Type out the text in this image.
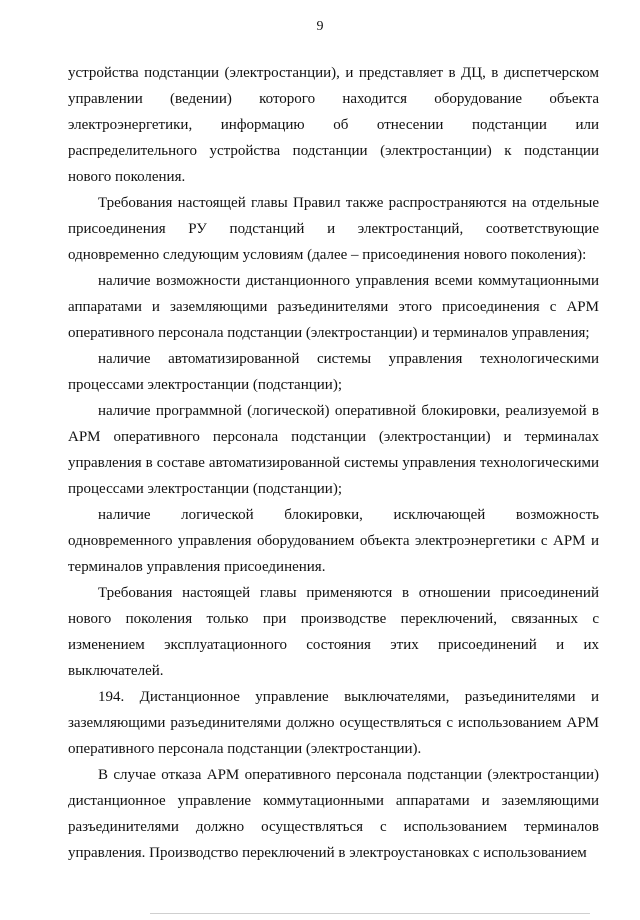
9

устройства подстанции (электростанции), и представляет в ДЦ, в диспетчерском управлении (ведении) которого находится оборудование объекта электроэнергетики, информацию об отнесении подстанции или распределительного устройства подстанции (электростанции) к подстанции нового поколения.

Требования настоящей главы Правил также распространяются на отдельные присоединения РУ подстанций и электростанций, соответствующие одновременно следующим условиям (далее – присоединения нового поколения):

наличие возможности дистанционного управления всеми коммутационными аппаратами и заземляющими разъединителями этого присоединения с АРМ оперативного персонала подстанции (электростанции) и терминалов управления;

наличие автоматизированной системы управления технологическими процессами электростанции (подстанции);

наличие программной (логической) оперативной блокировки, реализуемой в АРМ оперативного персонала подстанции (электростанции) и терминалах управления в составе автоматизированной системы управления технологическими процессами электростанции (подстанции);

наличие логической блокировки, исключающей возможность одновременного управления оборудованием объекта электроэнергетики с АРМ и терминалов управления присоединения.

Требования настоящей главы применяются в отношении присоединений нового поколения только при производстве переключений, связанных с изменением эксплуатационного состояния этих присоединений и их выключателей.

194. Дистанционное управление выключателями, разъединителями и заземляющими разъединителями должно осуществляться с использованием АРМ оперативного персонала подстанции (электростанции).

В случае отказа АРМ оперативного персонала подстанции (электростанции) дистанционное управление коммутационными аппаратами и заземляющими разъединителями должно осуществляться с использованием терминалов управления. Производство переключений в электроустановках с использованием
